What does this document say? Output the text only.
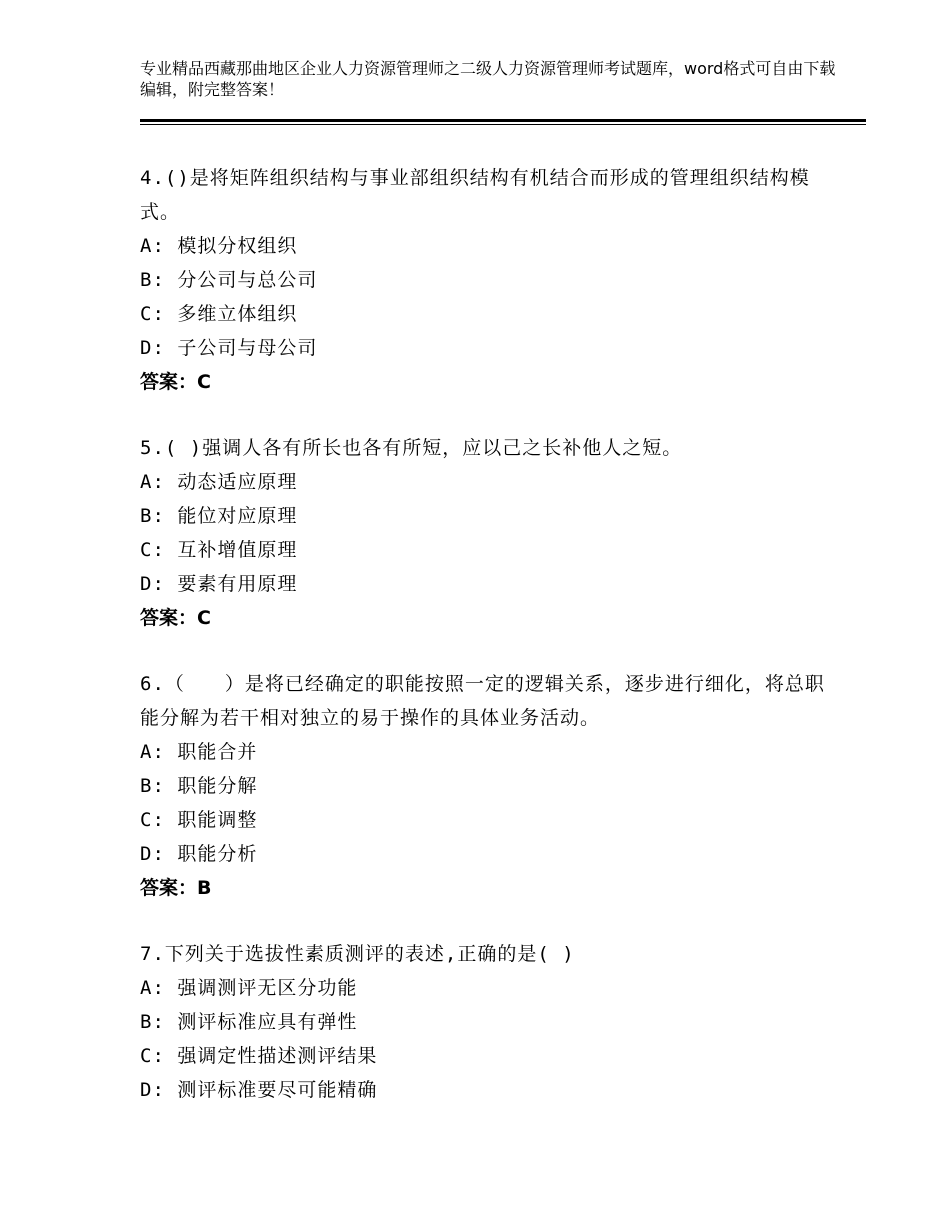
专业精品西藏那曲地区企业人力资源管理师之二级人力资源管理师考试题库，word格式可自由下载编辑，附完整答案！
4.()是将矩阵组织结构与事业部组织结构有机结合而形成的管理组织结构模式。
A: 模拟分权组织
B: 分公司与总公司
C: 多维立体组织
D: 子公司与母公司
答案：C
5.( )强调人各有所长也各有所短，应以己之长补他人之短。
A: 动态适应原理
B: 能位对应原理
C: 互补增值原理
D: 要素有用原理
答案：C
6.（　　）是将已经确定的职能按照一定的逻辑关系，逐步进行细化，将总职能分解为若干相对独立的易于操作的具体业务活动。
A: 职能合并
B: 职能分解
C: 职能调整
D: 职能分析
答案：B
7.下列关于选拔性素质测评的表述,正确的是( )
A: 强调测评无区分功能
B: 测评标准应具有弹性
C: 强调定性描述测评结果
D: 测评标准要尽可能精确
